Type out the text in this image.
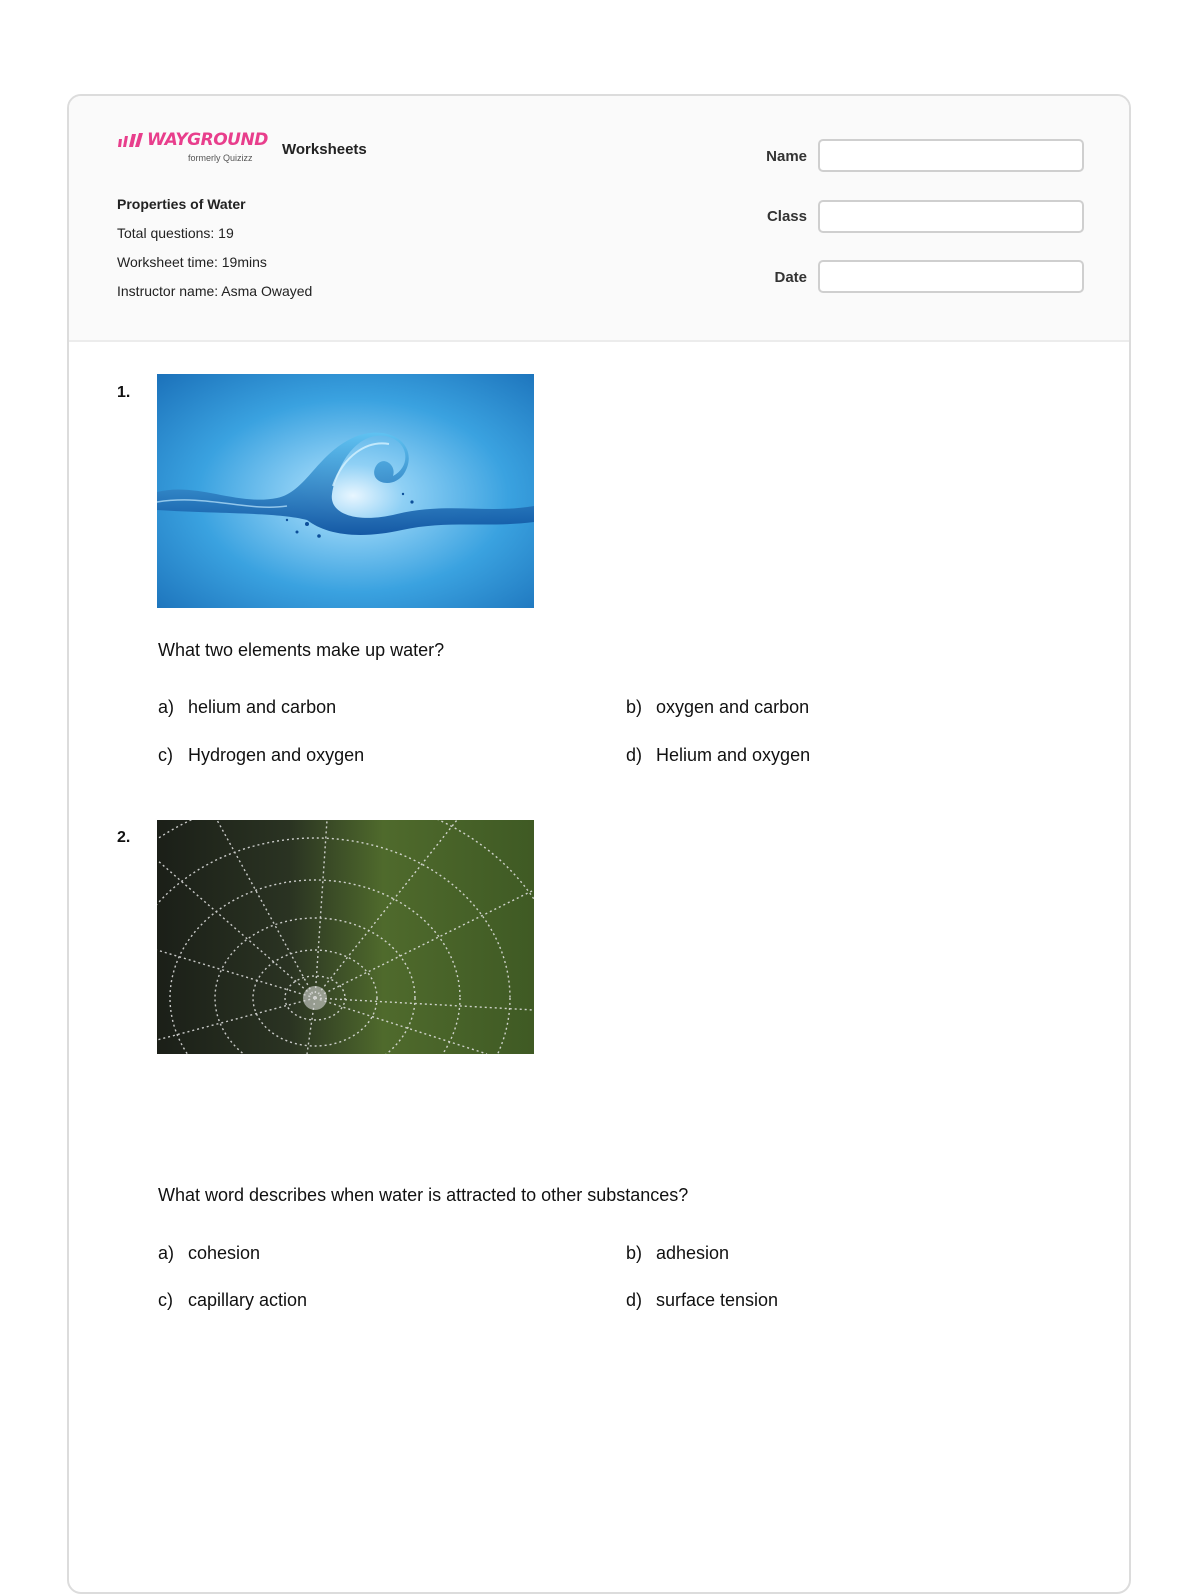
WAYGROUND
formerly Quizizz Worksheets
Properties of Water
Total questions: 19
Worksheet time: 19mins
Instructor name: Asma Owayed
Name
Class
Date
1.
What two elements make up water?
a) helium and carbon	b) oxygen and carbon
c) Hydrogen and oxygen	d) Helium and oxygen
2.
What word describes when water is attracted to other substances?
a) cohesion	b) adhesion
c) capillary action	d) surface tension
